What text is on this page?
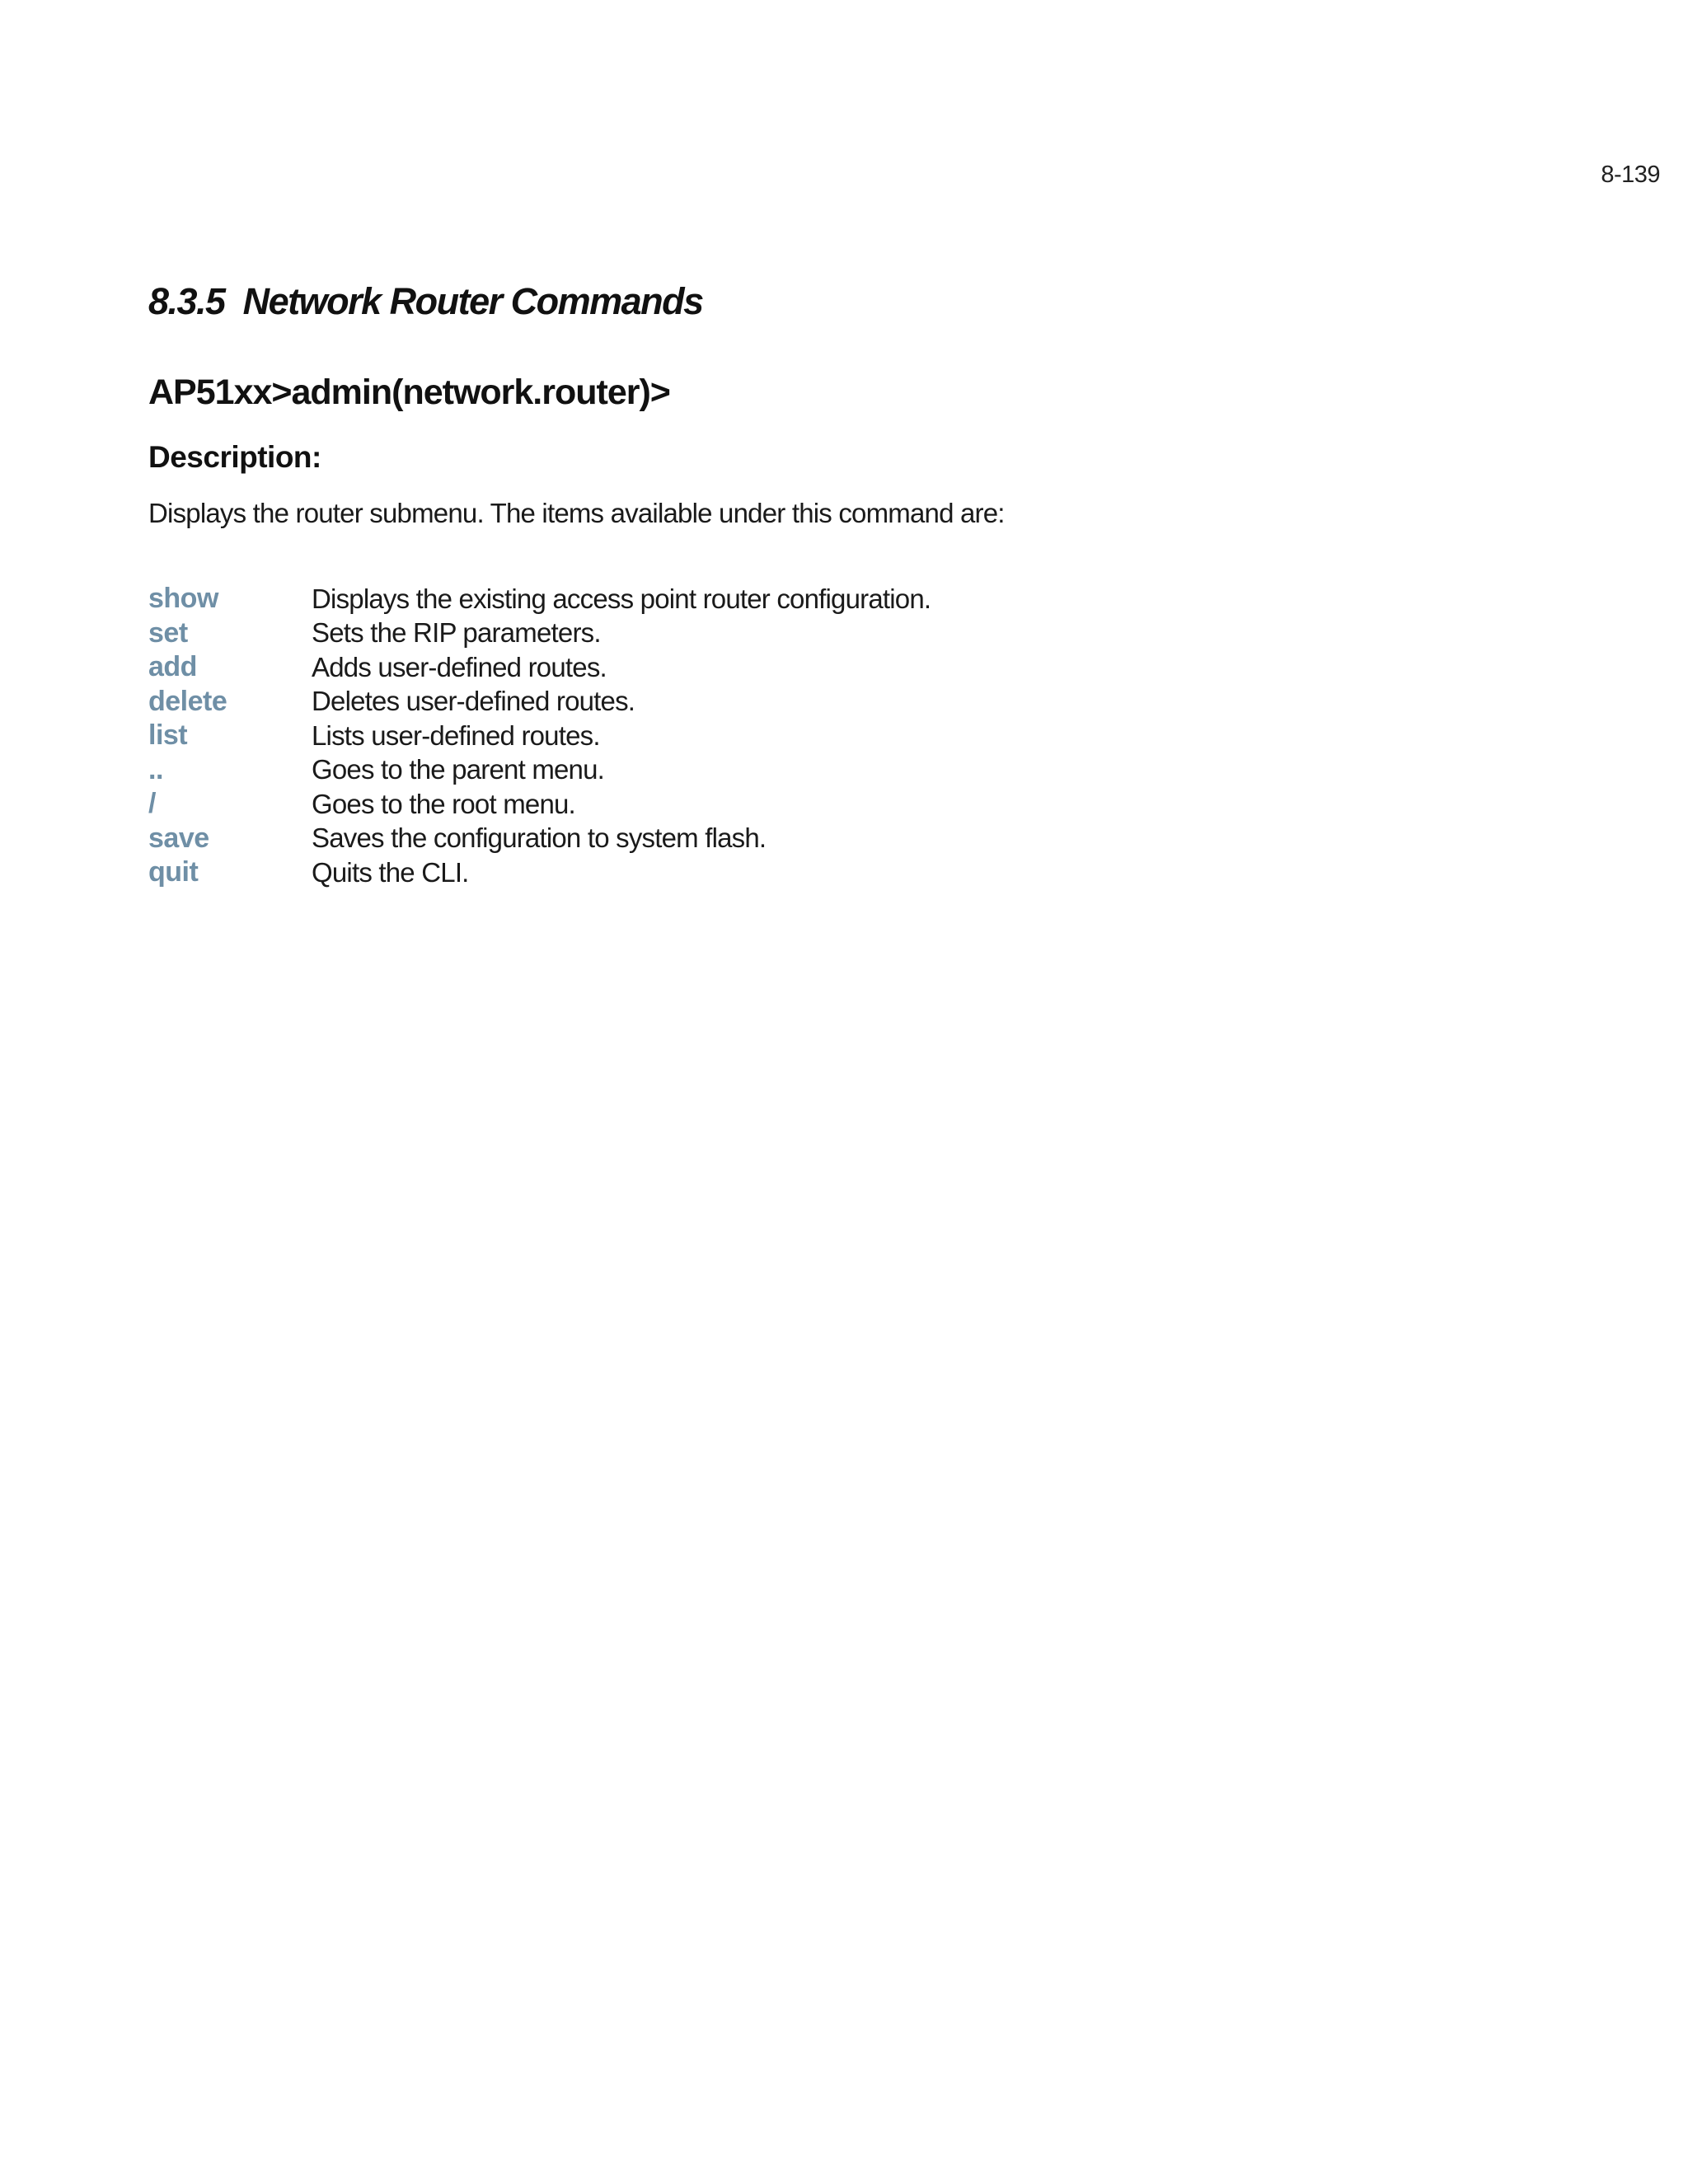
8-139
8.3.5  Network Router Commands
AP51xx>admin(network.router)>
Description:

Displays the router submenu. The items available under this command are:

show	Displays the existing access point router configuration.
set	Sets the RIP parameters.
add	Adds user-defined routes.
delete	Deletes user-defined routes.
list	Lists user-defined routes.
..	Goes to the parent menu.
/	Goes to the root menu.
save	Saves the configuration to system flash.
quit	Quits the CLI.
